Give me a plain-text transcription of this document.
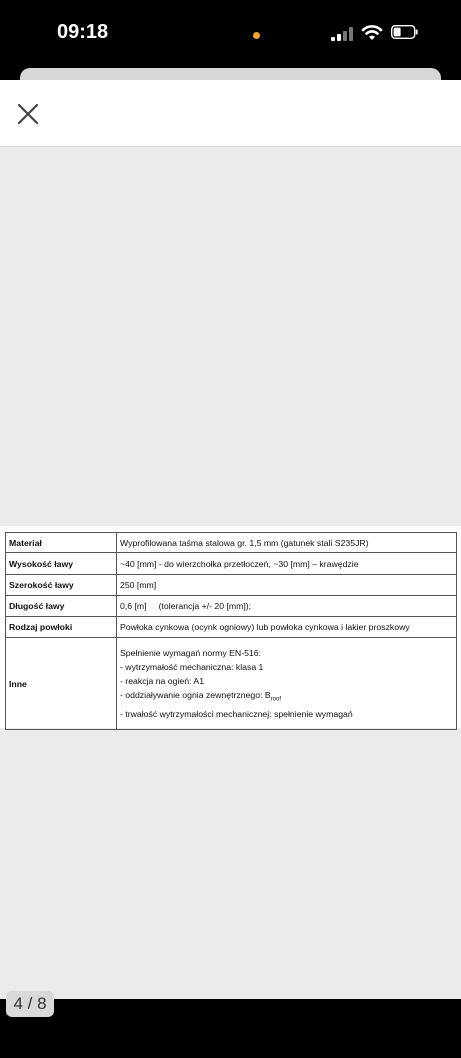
09:18
Materiał	Wyprofilowana taśma stalowa gr. 1,5 mm (gatunek stali S235JR)
Wysokość ławy	~40 [mm] - do wierzchołka przetłoczeń, ~30 [mm] – krawędzie
Szerokość ławy	250 [mm]
Długość ławy	0,6 [m]     (tolerancja +/- 20 [mm]);
Rodzaj powłoki	Powłoka cynkowa (ocynk ogniowy) lub powłoka cynkowa i lakier proszkowy
Inne	Spełnienie wymagań normy EN-516:
- wytrzymałość mechaniczna: klasa 1
- reakcja na ogień: A1
- oddziaływanie ognia zewnętrznego: $B_{roof}$
- trwałość wytrzymałości mechanicznej: spełnienie wymagań
4 / 8
